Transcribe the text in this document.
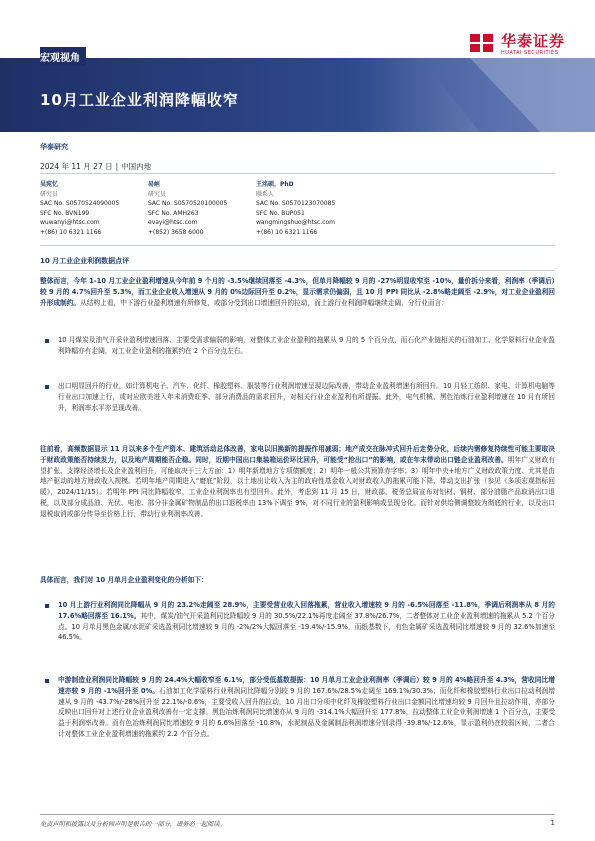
宏观视角
10月工业企业利润降幅收窄
华泰证券
HUATAI SECURITIES
华泰研究
2024 年 11 月 27 日 | 中国内地
吴宛忆
研究员
SAC No. S0570524090005
SFC No. BVN199
wuwanyi@htsc.com
+(86) 10 6321 1166
易峘
研究员
SAC No. S0570520100005
SFC No. AMH263
evayi@htsc.com
+(852) 3658 6000
王洺硕，PhD
联系人
SAC No. S0570123070085
SFC No. BUP051
wangmingshuo@htsc.com
+(86) 10 6321 1166
10 月工业企业利润数据点评
整体而言，今年 1-10 月工业企业盈利增速从今年前 9 个月的 -3.5%继续回落至 -4.3%，但单月降幅较 9 月的 -27%明显收窄至 -10%，量价拆分来看，利润率（季调后）较 9 月的 4.7%回升至 5.3%，而工业企业收入增速从 9 月的 0%边际回升至 0.2%，显示需求仍偏弱，且 10 月 PPI 同比从 -2.8%略走阔至 -2.9%，对工业企业盈利回升形成制约。从结构上看，中下游行业盈利增速有所修复，或部分受到出口增速回升的拉动，而上游行业利润降幅继续走阔，分行业而言：
10 月煤炭及油气开采业盈利增速回落、主要受需求偏弱的影响，对整体工业企业盈利的拖累从 9 月的 5 个百分点，而石化产业链相关的石油加工、化学原料行业企业盈利降幅亦有走阔，对工业企业盈利的拖累约在 2 个百分点左右。
出口明显回升的行业，如计算机电子、汽车、化纤、橡胶塑料、服装等行业利润增速呈现边际改善，带动企业盈利增速有所回升。10 月轻工纺织、家电、计算机电脑等行业出口加速上行，或对应欧美进入年末消费旺季、部分消费品的需求回升，对相关行业企业盈利有所提振。此外，电气机械、黑色冶炼行业盈利增速在 10 月有所回升，利润率水平亦呈现改善。
往前看，高频数据显示 11 月以来多个生产资本、建筑活动总体改善，家电以旧换新的提振作用减弱；地产成交在脉冲式回升后走势分化，后续内需修复持续性可能主要取决于财政政策能否持续发力，以及地产周期能否企稳。同时，近期中国出口集装箱运价环比回升，可能受“抢出口”的影响，或在年末带动出口链企业盈利改善。明年广义财政有望扩张、支撑经济增长及企业盈利回升，可能取决于三大方面：1）明年新增地方专项债额度；2）明年一般公共预算赤字率；3）明年中央+地方广义财政政策力度、尤其是由地产驱动的地方财政收入规模。若明年地产周期进入“磨底”阶段，以土地出让收入为主的政府性基金收入对财政收入的拖累可能下降、带动支出扩张（参见《多项宏观指标回暖》，2024/11/15）。若明年 PPI 同比降幅收窄，工业企业利润率也有望回升。此外，考虑到 11 月 15 日，财政部、税务总局宣布对铝材、铜材、部分油脂产品取消出口退税，以及部分成品油、光伏、电池、部分非金属矿物制品的出口退税率由 13%下调至 9%，对不同行业的盈利影响或呈现分化。而针对供给侧调整较为彻底的行业，以及出口退税取消或部分传导至价格上行，带动行业利润率改善。
具体而言，我们对 10 月单月企业盈利变化的分析如下：
10 月上游行业利润同比降幅从 9 月的 23.2%走阔至 28.9%，主要受营业收入回落拖累，营业收入增速较 9 月的 -6.5%回落至 -11.8%，季调后利润率从 8 月的 17.6%略回落至 16.1%。其中，煤炭/油气开采盈利同比降幅较 9 月的 30.5%/22.1%再度走阔至 37.8%/26.7%，二者整体对工业企业盈利增速的拖累从 5.2 个百分点。10 月单月黑色金属/水泥矿采选盈利同比增速较 9 月的 -2%/2%大幅回落至 -19.4%/-15.9%，而纸基数下，有色金属矿采选盈利同比增速较 9 月的 32.6%加速至 46.5%。
中游制造业利润同比降幅较 9 月的 24.4%大幅收窄至 6.1%，部分受低基数提振：10 月单月工业企业利润率（季调后）较 9 月的 4%略回升至 4.3%，营收同比增速亦较 9 月的 -1%回升至 0%。石油加工化学原料行业利润同比降幅分别较 9 月的 167.6%/28.5%走阔至 169.1%/30.3%；而化纤和橡胶塑料行业出口拉动利润增速从 9 月的 -43.7%/-28%回升至 22.1%/-0.6%，主要受收入回升的拉动，10 月出口分项中化纤及橡胶塑料行业出口金额同比增速均较 9 月回升且拉动作用，亦部分反映出口回升对上述行业企业盈利改善有一定支撑。黑色冶炼利润同比增速亦从 9 月的 -314.1%大幅回升至 177.8%，拉动整体工业企业利润增速 1 个百分点，主要受益于利润率改善。而有色冶炼利润同比增速较 9 月的 6.6%回落至 -10.8%，水泥制品及金属制品利润增速分别录得 -39.8%/-12.6%，显示盈利仍在较弱区间，二者合计对整体工业企业盈利增速的拖累约 2.2 个百分点。
免责声明和披露以及分析师声明是报告的一部分，请务必一起阅读。	1
